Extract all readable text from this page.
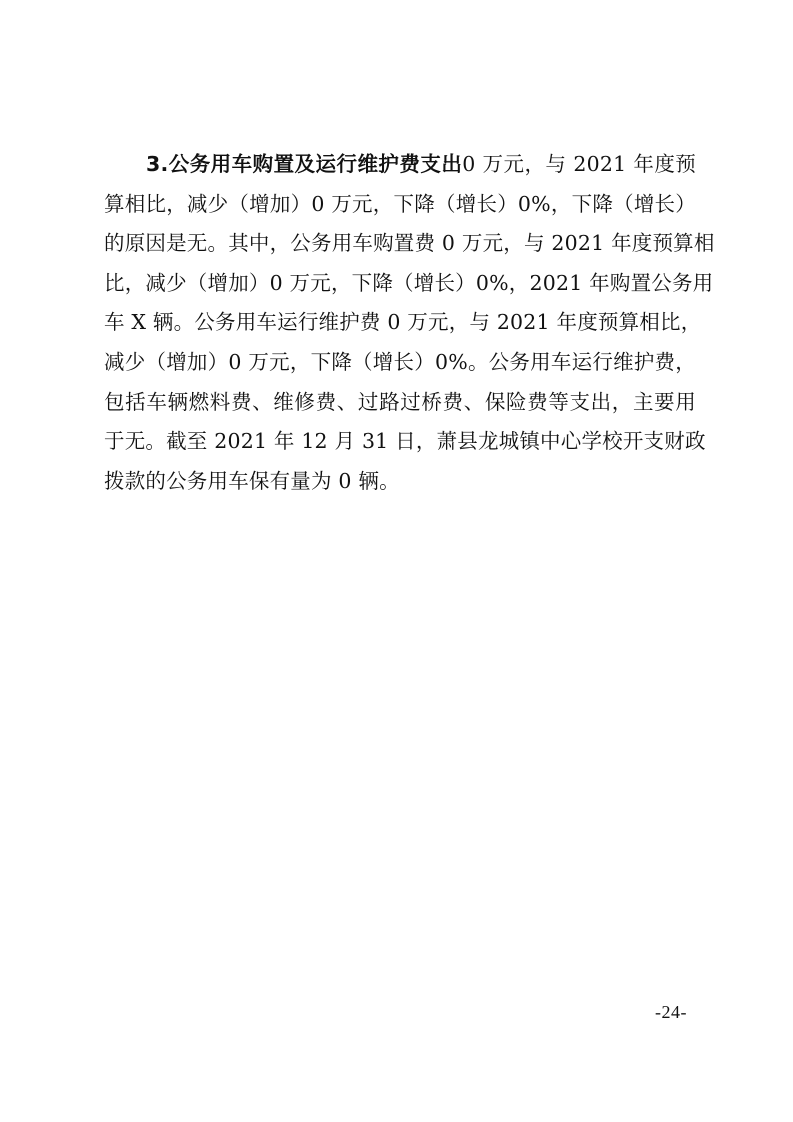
3.公务用车购置及运行维护费支出0 万元，与 2021 年度预
算相比，减少（增加）0 万元，下降（增长）0%，下降（增长）
的原因是无。其中，公务用车购置费 0 万元，与 2021 年度预算相
比，减少（增加）0 万元，下降（增长）0%，2021 年购置公务用
车 X 辆。公务用车运行维护费 0 万元，与 2021 年度预算相比，
减少（增加）0 万元，下降（增长）0%。公务用车运行维护费，
包括车辆燃料费、维修费、过路过桥费、保险费等支出，主要用
于无。截至 2021 年 12 月 31 日，萧县龙城镇中心学校开支财政
拨款的公务用车保有量为 0 辆。
-24-
